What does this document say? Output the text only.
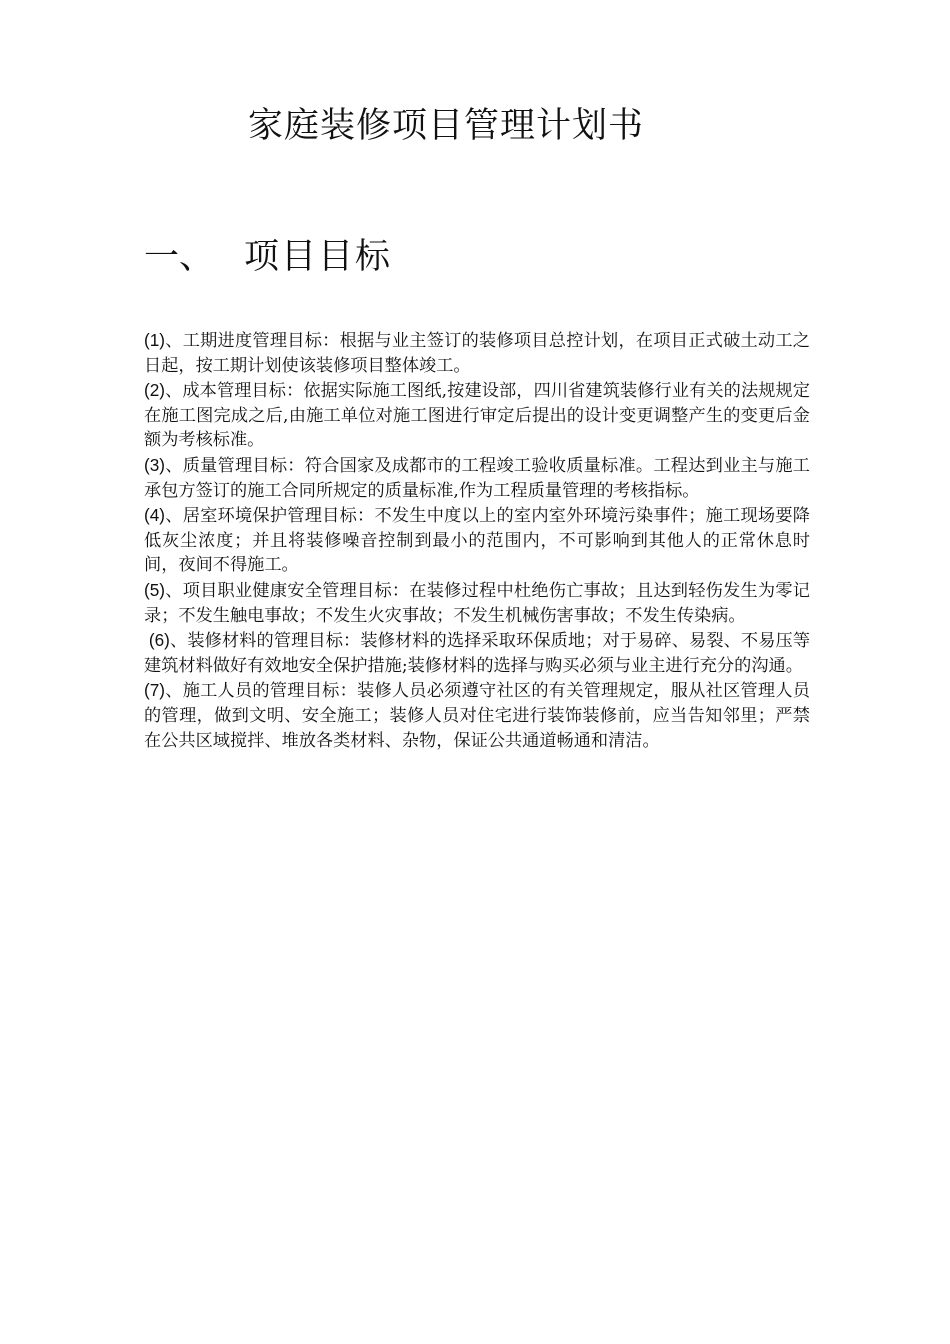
家庭装修项目管理计划书
一、 项目目标

(1)、工期进度管理目标：根据与业主签订的装修项目总控计划，在项目正式破土动工之日起，按工期计划使该装修项目整体竣工。

(2)、成本管理目标：依据实际施工图纸,按建设部，四川省建筑装修行业有关的法规规定在施工图完成之后,由施工单位对施工图进行审定后提出的设计变更调整产生的变更后金额为考核标准。

(3)、质量管理目标：符合国家及成都市的工程竣工验收质量标准。工程达到业主与施工承包方签订的施工合同所规定的质量标准,作为工程质量管理的考核指标。

(4)、居室环境保护管理目标：不发生中度以上的室内室外环境污染事件；施工现场要降低灰尘浓度；并且将装修噪音控制到最小的范围内，不可影响到其他人的正常休息时间，夜间不得施工。

(5)、项目职业健康安全管理目标：在装修过程中杜绝伤亡事故；且达到轻伤发生为零记录；不发生触电事故；不发生火灾事故；不发生机械伤害事故；不发生传染病。

(6)、装修材料的管理目标：装修材料的选择采取环保质地；对于易碎、易裂、不易压等建筑材料做好有效地安全保护措施;装修材料的选择与购买必须与业主进行充分的沟通。

(7)、施工人员的管理目标：装修人员必须遵守社区的有关管理规定，服从社区管理人员的管理，做到文明、安全施工；装修人员对住宅进行装饰装修前，应当告知邻里；严禁在公共区域搅拌、堆放各类材料、杂物，保证公共通道畅通和清洁。
